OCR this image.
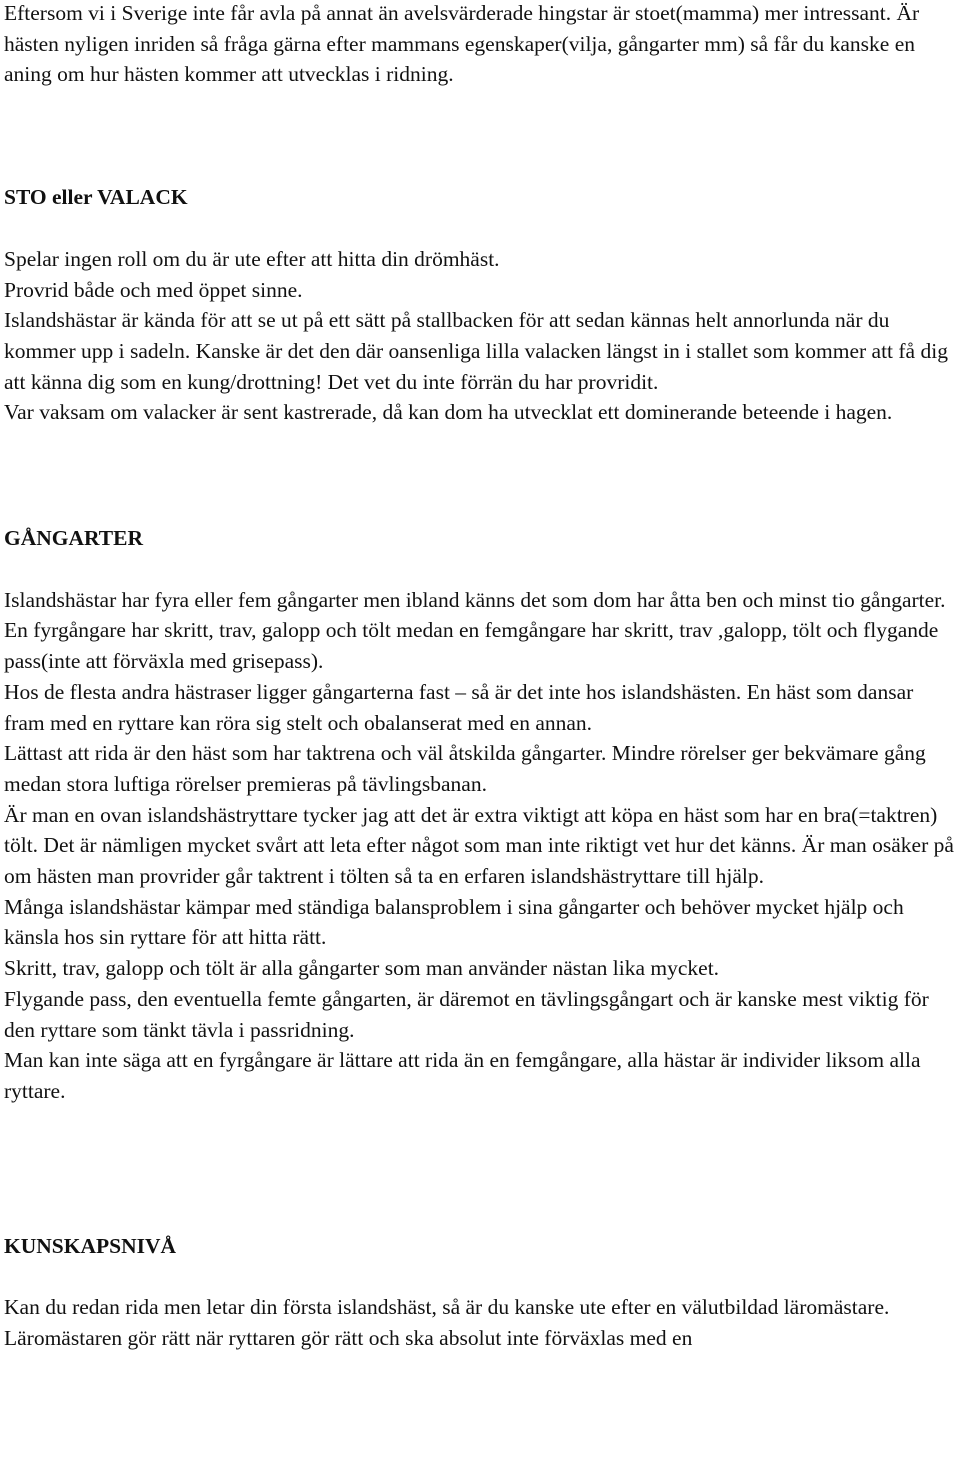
Eftersom vi i Sverige inte får avla på annat än avelsvärderade hingstar är stoet(mamma) mer intressant. Är hästen nyligen inriden så fråga gärna efter mammans egenskaper(vilja, gångarter mm) så får du kanske en aning om hur hästen kommer att utvecklas i ridning.

STO eller VALACK

Spelar ingen roll om du är ute efter att hitta din drömhäst.

Provrid både och med öppet sinne.

Islandshästar är kända för att se ut på ett sätt på stallbacken för att sedan kännas helt annorlunda när du kommer upp i sadeln. Kanske är det den där oansenliga lilla valacken längst in i stallet som kommer att få dig att känna dig som en kung/drottning! Det vet du inte förrän du har provridit.

Var vaksam om valacker är sent kastrerade, då kan dom ha utvecklat ett dominerande beteende i hagen.

GÅNGARTER

Islandshästar har fyra eller fem gångarter men ibland känns det som dom har åtta ben och minst tio gångarter.

En fyrgångare har skritt, trav, galopp och tölt medan en femgångare har skritt, trav ,galopp, tölt och flygande pass(inte att förväxla med grisepass).

Hos de flesta andra hästraser ligger gångarterna fast – så är det inte hos islandshästen. En häst som dansar fram med en ryttare kan röra sig stelt och obalanserat med en annan.

Lättast att rida är den häst som har taktrena och väl åtskilda gångarter. Mindre rörelser ger bekvämare gång medan stora luftiga rörelser premieras på tävlingsbanan.

Är man en ovan islandshästryttare tycker jag att det är extra viktigt att köpa en häst som har en bra(=taktren) tölt. Det är nämligen mycket svårt att leta efter något som man inte riktigt vet hur det känns. Är man osäker på om hästen man provrider går taktrent i tölten så ta en erfaren islandshästryttare till hjälp.

Många islandshästar kämpar med ständiga balansproblem i sina gångarter och behöver mycket hjälp och känsla hos sin ryttare för att hitta rätt.

Skritt, trav, galopp och tölt är alla gångarter som man använder nästan lika mycket.

Flygande pass, den eventuella femte gångarten, är däremot en tävlingsgångart och är kanske mest viktig för den ryttare som tänkt tävla i passridning.

Man kan inte säga att en fyrgångare är lättare att rida än en femgångare, alla hästar är individer liksom alla ryttare.

KUNSKAPSNIVÅ

Kan du redan rida men letar din första islandshäst, så är du kanske ute efter en välutbildad läromästare.

Läromästaren gör rätt när ryttaren gör rätt och ska absolut inte förväxlas med en
